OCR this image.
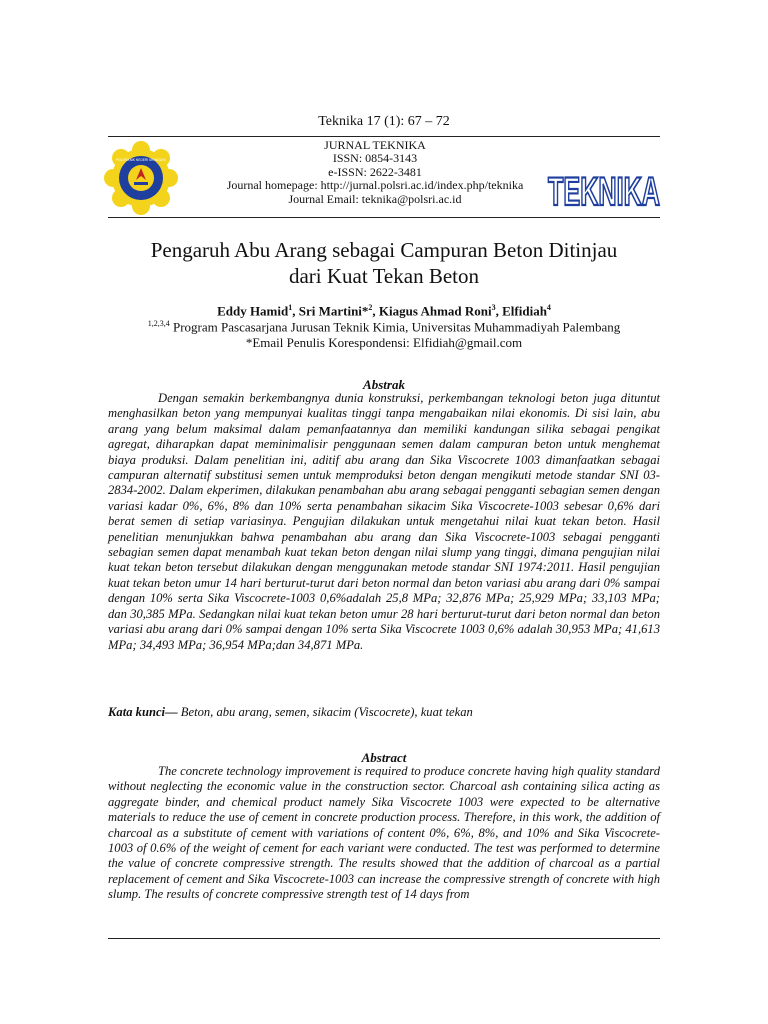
Teknika 17 (1): 67 – 72
POLITEKNIK NEGERI SRIWIJAYA
JURNAL TEKNIKA
ISSN: 0854-3143
e-ISSN: 2622-3481
Journal homepage: http://jurnal.polsri.ac.id/index.php/teknika
Journal Email: teknika@polsri.ac.id	TEKNIKA
Pengaruh Abu Arang sebagai Campuran Beton Ditinjau
dari Kuat Tekan Beton
Eddy Hamid$^1$, Sri Martini*$^2$, Kiagus Ahmad Roni$^3$, Elfidiah$^4$
$^{1,2,3,4}$ Program Pascasarjana Jurusan Teknik Kimia, Universitas Muhammadiyah Palembang
*Email Penulis Korespondensi: Elfidiah@gmail.com
Abstrak
Dengan semakin berkembangnya dunia konstruksi, perkembangan teknologi beton juga dituntut menghasilkan beton yang mempunyai kualitas tinggi tanpa mengabaikan nilai ekonomis. Di sisi lain, abu arang yang belum maksimal dalam pemanfaatannya dan memiliki kandungan silika sebagai pengikat agregat, diharapkan dapat meminimalisir penggunaan semen dalam campuran beton untuk menghemat biaya produksi. Dalam penelitian ini, aditif abu arang dan Sika Viscocrete 1003 dimanfaatkan sebagai campuran alternatif substitusi semen untuk memproduksi beton dengan mengikuti metode standar SNI 03- 2834-2002. Dalam ekperimen, dilakukan penambahan abu arang sebagai pengganti sebagian semen dengan variasi kadar 0%, 6%, 8% dan 10% serta penambahan sikacim Sika Viscocrete-1003 sebesar 0,6% dari berat semen di setiap variasinya. Pengujian dilakukan untuk mengetahui nilai kuat tekan beton. Hasil penelitian menunjukkan bahwa penambahan abu arang dan Sika Viscocrete-1003 sebagai pengganti sebagian semen dapat menambah kuat tekan beton dengan nilai slump yang tinggi, dimana pengujian nilai kuat tekan beton tersebut dilakukan dengan menggunakan metode standar SNI 1974:2011. Hasil pengujian kuat tekan beton umur 14 hari berturut-turut dari beton normal dan beton variasi abu arang dari 0% sampai dengan 10% serta Sika Viscocrete-1003 0,6%adalah 25,8 MPa; 32,876 MPa; 25,929 MPa; 33,103 MPa; dan 30,385 MPa. Sedangkan nilai kuat tekan beton umur 28 hari berturut-turut dari beton normal dan beton variasi abu arang dari 0% sampai dengan 10% serta Sika Viscocrete 1003 0,6% adalah 30,953 MPa; 41,613 MPa; 34,493 MPa; 36,954 MPa;dan 34,871 MPa.
Kata kunci— Beton, abu arang, semen, sikacim (Viscocrete), kuat tekan
Abstract
The concrete technology improvement is required to produce concrete having high quality standard without neglecting the economic value in the construction sector. Charcoal ash containing silica acting as aggregate binder, and chemical product namely Sika Viscocrete 1003 were expected to be alternative materials to reduce the use of cement in concrete production process. Therefore, in this work, the addition of charcoal as a substitute of cement with variations of content 0%, 6%, 8%, and 10% and Sika Viscocrete-1003 of 0.6% of the weight of cement for each variant were conducted. The test was performed to determine the value of concrete compressive strength. The results showed that the addition of charcoal as a partial replacement of cement and Sika Viscocrete-1003 can increase the compressive strength of concrete with high slump. The results of concrete compressive strength test of 14 days from
